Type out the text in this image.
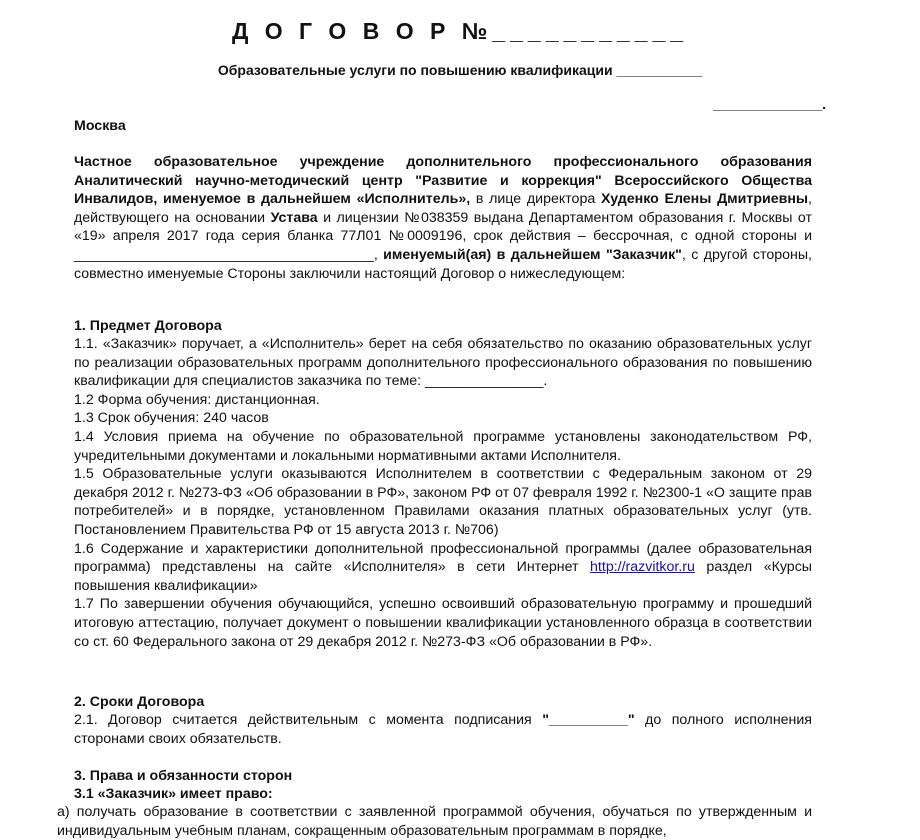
Д О Г О В О Р №___________
Образовательные услуги по повышению квалификации ___________
______________.
Москва

Частное образовательное учреждение дополнительного профессионального образования Аналитический научно-методический центр "Развитие и коррекция" Всероссийского Общества Инвалидов, именуемое в дальнейшем «Исполнитель», в лице директора Худенко Елены Дмитриевны, действующего на основании Устава и лицензии №038359 выдана Департаментом образования г. Москвы от «19» апреля 2017 года серия бланка 77Л01 №0009196, срок действия – бессрочная, с одной стороны и ______________________________________, именуемый(ая) в дальнейшем "Заказчик", с другой стороны, совместно именуемые Стороны заключили настоящий Договор о нижеследующем:

1. Предмет Договора

1.1. «Заказчик» поручает, а «Исполнитель» берет на себя обязательство по оказанию образовательных услуг по реализации образовательных программ дополнительного профессионального образования по повышению квалификации для специалистов заказчика по теме: _______________.

1.2 Форма обучения: дистанционная.

1.3 Срок обучения: 240 часов

1.4 Условия приема на обучение по образовательной программе установлены законодательством РФ, учредительными документами и локальными нормативными актами Исполнителя.

1.5 Образовательные услуги оказываются Исполнителем в соответствии с Федеральным законом от 29 декабря 2012 г. №273-ФЗ «Об образовании в РФ», законом РФ от 07 февраля 1992 г. №2300-1 «О защите прав потребителей» и в порядке, установленном Правилами оказания платных образовательных услуг (утв. Постановлением Правительства РФ от 15 августа 2013 г. №706)

1.6 Содержание и характеристики дополнительной профессиональной программы (далее образовательная программа) представлены на сайте «Исполнителя» в сети Интернет http://razvitkor.ru раздел «Курсы повышения квалификации»

1.7 По завершении обучения обучающийся, успешно освоивший образовательную программу и прошедший итоговую аттестацию, получает документ о повышении квалификации установленного образца в соответствии со ст. 60 Федерального закона от 29 декабря 2012 г. №273-ФЗ «Об образовании в РФ».

2. Сроки Договора

2.1. Договор считается действительным с момента подписания "__________" до полного исполнения сторонами своих обязательств.

3. Права и обязанности сторон
3.1 «Заказчик» имеет право:

а) получать образование в соответствии с заявленной программой обучения, обучаться по утвержденным и индивидуальным учебным планам, сокращенным образовательным программам в порядке,
